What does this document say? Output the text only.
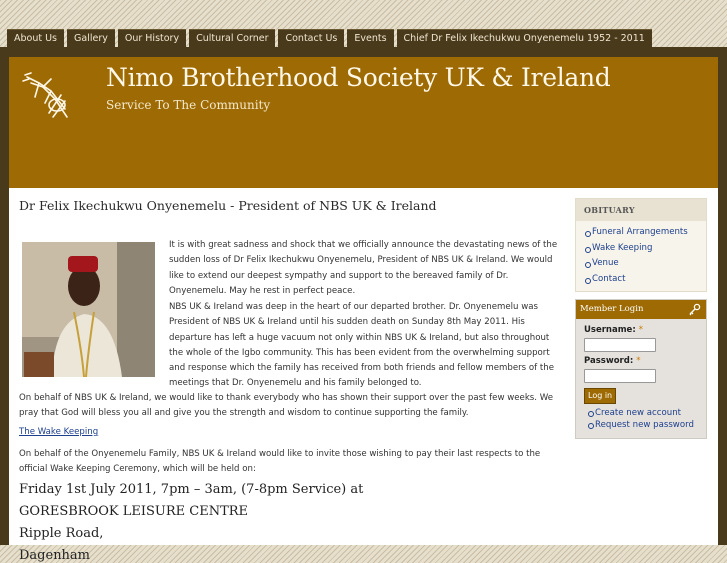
About Us	Gallery	Our History	Cultural Corner	Contact Us	Events	Chief Dr Felix Ikechukwu Onyenemelu 1952 - 2011
Nimo Brotherhood Society UK & Ireland
Service To The Community
Dr Felix Ikechukwu Onyenemelu - President of NBS UK & Ireland

It is with great sadness and shock that we officially announce the devastating news of the sudden loss of Dr Felix Ikechukwu Onyenemelu, President of NBS UK & Ireland. We would like to extend our deepest sympathy and support to the bereaved family of Dr. Onyenemelu. May he rest in perfect peace.

NBS UK & Ireland was deep in the heart of our departed brother. Dr. Onyenemelu was President of NBS UK & Ireland until his sudden death on Sunday 8th May 2011. His departure has left a huge vacuum not only within NBS UK & Ireland, but also throughout the whole of the Igbo community. This has been evident from the overwhelming support and response which the family has received from both friends and fellow members of the meetings that Dr. Onyenemelu and his family belonged to.

On behalf of NBS UK & Ireland, we would like to thank everybody who has shown their support over the past few weeks. We pray that God will bless you all and give you the strength and wisdom to continue supporting the family.

The Wake Keeping

On behalf of the Onyenemelu Family, NBS UK & Ireland would like to invite those wishing to pay their last respects to the official Wake Keeping Ceremony, which will be held on:

Friday 1st July 2011, 7pm – 3am, (7-8pm Service) at
GORESBROOK LEISURE CENTRE
Ripple Road,
Dagenham
OBITUARY
Funeral Arrangements
Wake Keeping
Venue
Contact
Member Login
Username: *
Password: *
Log in
Create new account
Request new password
